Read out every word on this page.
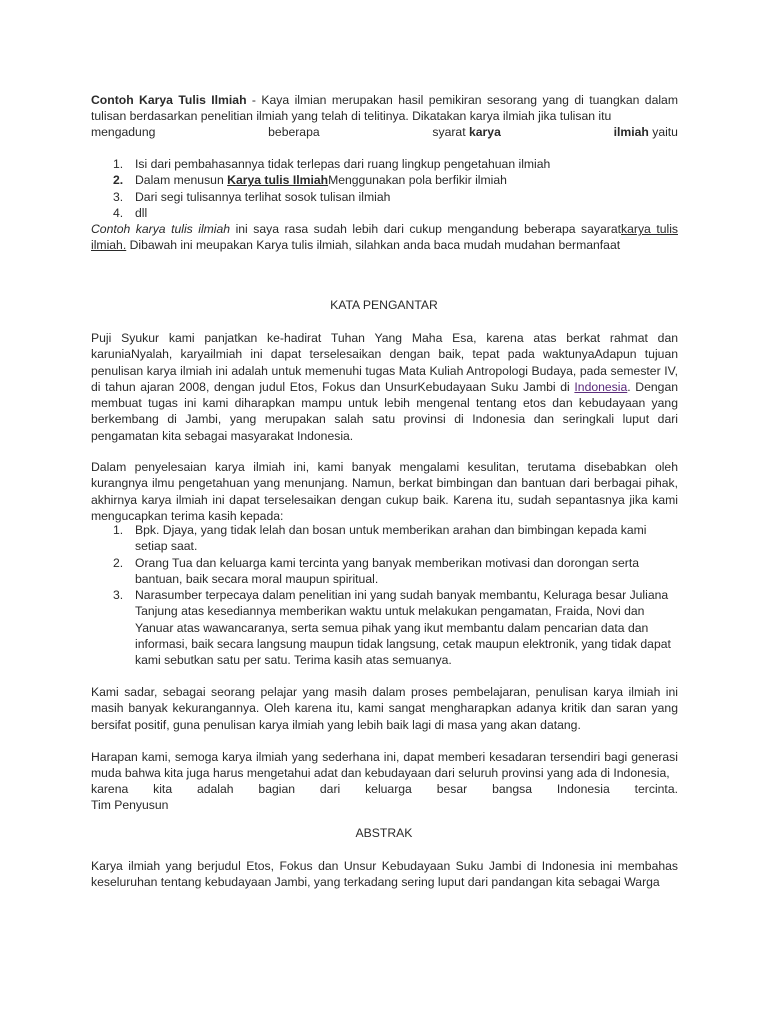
Contoh Karya Tulis Ilmiah - Kaya ilmian merupakan hasil pemikiran sesorang yang di tuangkan dalam tulisan berdasarkan penelitian ilmiah yang telah di telitinya. Dikatakan karya ilmiah jika tulisan itu

mengadung	beberapa	syarat karya	ilmiah yaitu
1. Isi dari pembahasannya tidak terlepas dari ruang lingkup pengetahuan ilmiah
2. Dalam menusun Karya tulis IlmiahMenggunakan pola berfikir ilmiah
3. Dari segi tulisannya terlihat sosok tulisan ilmiah
4. dll

Contoh karya tulis ilmiah ini saya rasa sudah lebih dari cukup mengandung beberapa sayaratkarya tulis ilmiah. Dibawah ini meupakan Karya tulis ilmiah, silahkan anda baca mudah mudahan bermanfaat

KATA PENGANTAR

Puji Syukur kami panjatkan ke-hadirat Tuhan Yang Maha Esa, karena atas berkat rahmat dan karuniaNyalah, karyailmiah ini dapat terselesaikan dengan baik, tepat pada waktunyaAdapun tujuan penulisan karya ilmiah ini adalah untuk memenuhi tugas Mata Kuliah Antropologi Budaya, pada semester IV, di tahun ajaran 2008, dengan judul Etos, Fokus dan UnsurKebudayaan Suku Jambi di Indonesia. Dengan membuat tugas ini kami diharapkan mampu untuk lebih mengenal tentang etos dan kebudayaan yang berkembang di Jambi, yang merupakan salah satu provinsi di Indonesia dan seringkali luput dari pengamatan kita sebagai masyarakat Indonesia.

Dalam penyelesaian karya ilmiah ini, kami banyak mengalami kesulitan, terutama disebabkan oleh kurangnya ilmu pengetahuan yang menunjang. Namun, berkat bimbingan dan bantuan dari berbagai pihak, akhirnya karya ilmiah ini dapat terselesaikan dengan cukup baik. Karena itu, sudah sepantasnya jika kami mengucapkan terima kasih kepada:

1. Bpk. Djaya, yang tidak lelah dan bosan untuk memberikan arahan dan bimbingan kepada kami setiap saat.
2. Orang Tua dan keluarga kami tercinta yang banyak memberikan motivasi dan dorongan serta bantuan, baik secara moral maupun spiritual.
3. Narasumber terpecaya dalam penelitian ini yang sudah banyak membantu, Keluraga besar Juliana Tanjung atas kesediannya memberikan waktu untuk melakukan pengamatan, Fraida, Novi dan Yanuar atas wawancaranya, serta semua pihak yang ikut membantu dalam pencarian data dan informasi, baik secara langsung maupun tidak langsung, cetak maupun elektronik, yang tidak dapat kami sebutkan satu per satu. Terima kasih atas semuanya.

Kami sadar, sebagai seorang pelajar yang masih dalam proses pembelajaran, penulisan karya ilmiah ini masih banyak kekurangannya. Oleh karena itu, kami sangat mengharapkan adanya kritik dan saran yang bersifat positif, guna penulisan karya ilmiah yang lebih baik lagi di masa yang akan datang.

Harapan kami, semoga karya ilmiah yang sederhana ini, dapat memberi kesadaran tersendiri bagi generasi muda bahwa kita juga harus mengetahui adat dan kebudayaan dari seluruh provinsi yang ada di Indonesia,

karena kita adalah bagian dari keluarga besar bangsa Indonesia tercinta.
Tim Penyusun
ABSTRAK

Karya ilmiah yang berjudul Etos, Fokus dan Unsur Kebudayaan Suku Jambi di Indonesia ini membahas keseluruhan tentang kebudayaan Jambi, yang terkadang sering luput dari pandangan kita sebagai Warga
